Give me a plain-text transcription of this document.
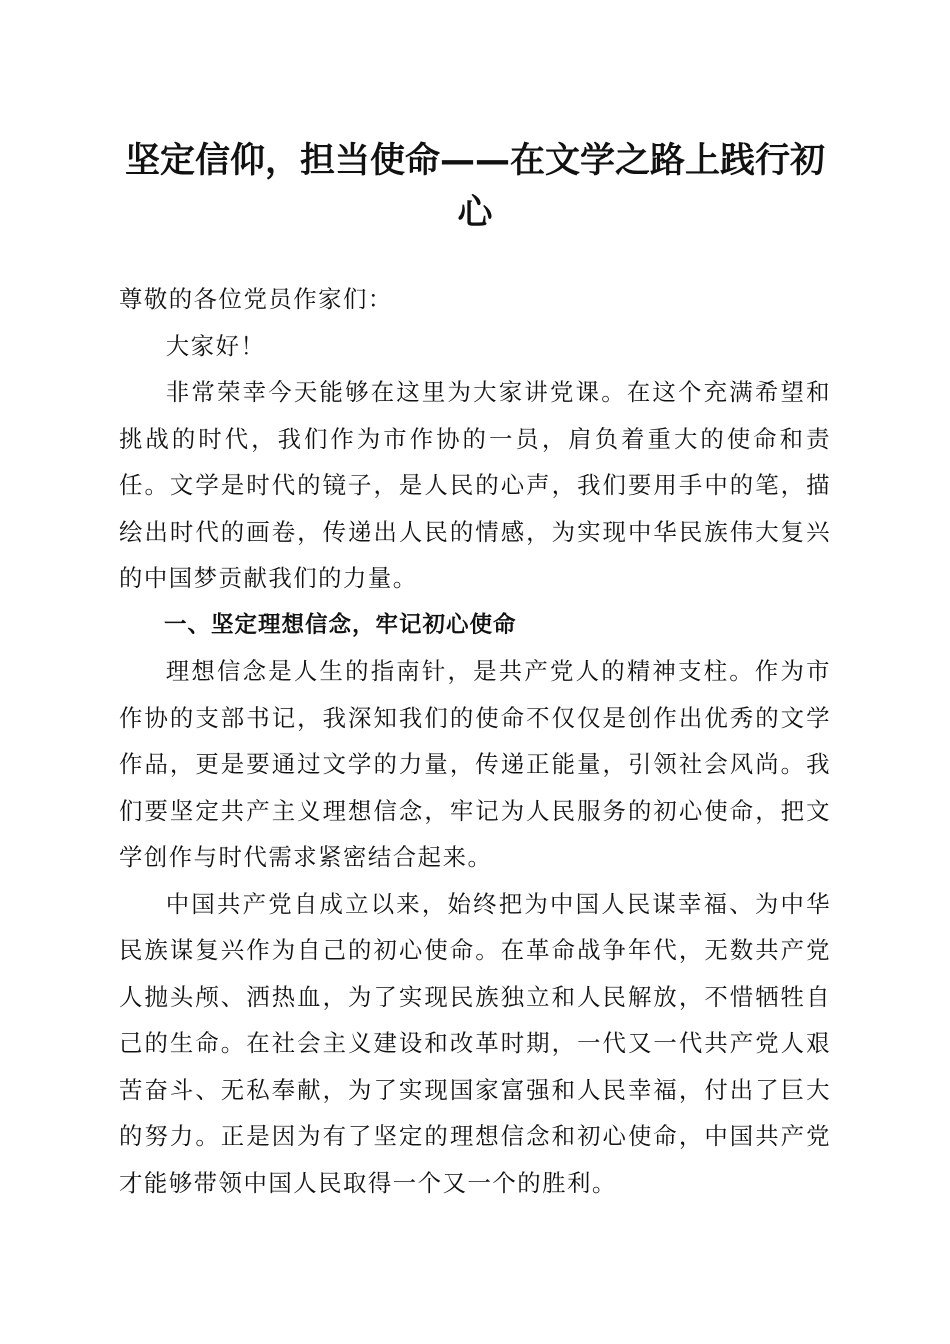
坚定信仰，担当使命——在文学之路上践行初心

尊敬的各位党员作家们：

大家好！

非常荣幸今天能够在这里为大家讲党课。在这个充满希望和挑战的时代，我们作为市作协的一员，肩负着重大的使命和责任。文学是时代的镜子，是人民的心声，我们要用手中的笔，描绘出时代的画卷，传递出人民的情感，为实现中华民族伟大复兴的中国梦贡献我们的力量。

一、坚定理想信念，牢记初心使命

理想信念是人生的指南针，是共产党人的精神支柱。作为市作协的支部书记，我深知我们的使命不仅仅是创作出优秀的文学作品，更是要通过文学的力量，传递正能量，引领社会风尚。我们要坚定共产主义理想信念，牢记为人民服务的初心使命，把文学创作与时代需求紧密结合起来。

中国共产党自成立以来，始终把为中国人民谋幸福、为中华民族谋复兴作为自己的初心使命。在革命战争年代，无数共产党人抛头颅、洒热血，为了实现民族独立和人民解放，不惜牺牲自己的生命。在社会主义建设和改革时期，一代又一代共产党人艰苦奋斗、无私奉献，为了实现国家富强和人民幸福，付出了巨大的努力。正是因为有了坚定的理想信念和初心使命，中国共产党才能够带领中国人民取得一个又一个的胜利。
